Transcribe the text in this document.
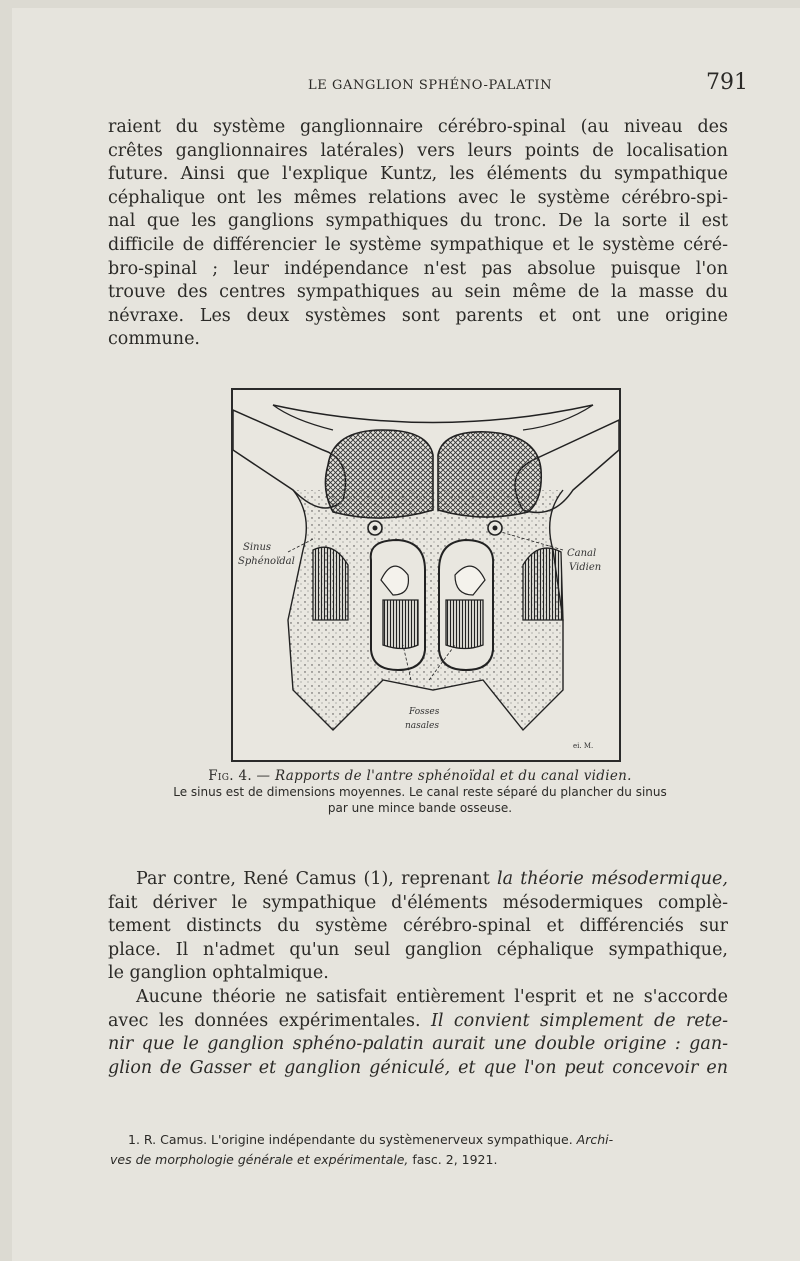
LE GANGLION SPHÉNO-PALATIN	791
raient du système ganglionnaire cérébro-spinal (au niveau des
crêtes ganglionnaires latérales) vers leurs points de localisation
future. Ainsi que l'explique Kuntz, les éléments du sympathique
céphalique ont les mêmes relations avec le système cérébro-spi-
nal que les ganglions sympathiques du tronc. De la sorte il est
difficile de différencier le système sympathique et le système céré-
bro-spinal ; leur indépendance n'est pas absolue puisque l'on
trouve des centres sympathiques au sein même de la masse du
névraxe. Les deux systèmes sont parents et ont une origine
commune.
Sinus
Sphénoïdal
Canal
Vidien
Fosses
nasales
ei. M.
Fig. 4. — Rapports de l'antre sphénoïdal et du canal vidien.
Le sinus est de dimensions moyennes. Le canal reste séparé du plancher du sinus
par une mince bande osseuse.
Par contre, René Camus (1), reprenant la théorie mésodermique,
fait dériver le sympathique d'éléments mésodermiques complè-
tement distincts du système cérébro-spinal et différenciés sur
place. Il n'admet qu'un seul ganglion céphalique sympathique,
le ganglion ophtalmique.
Aucune théorie ne satisfait entièrement l'esprit et ne s'accorde
avec les données expérimentales. Il convient simplement de rete-
nir que le ganglion sphéno-palatin aurait une double origine : gan-
glion de Gasser et ganglion géniculé, et que l'on peut concevoir en
1. R. Camus. L'origine indépendante du systèmenerveux sympathique. Archi-
ves de morphologie générale et expérimentale, fasc. 2, 1921.
